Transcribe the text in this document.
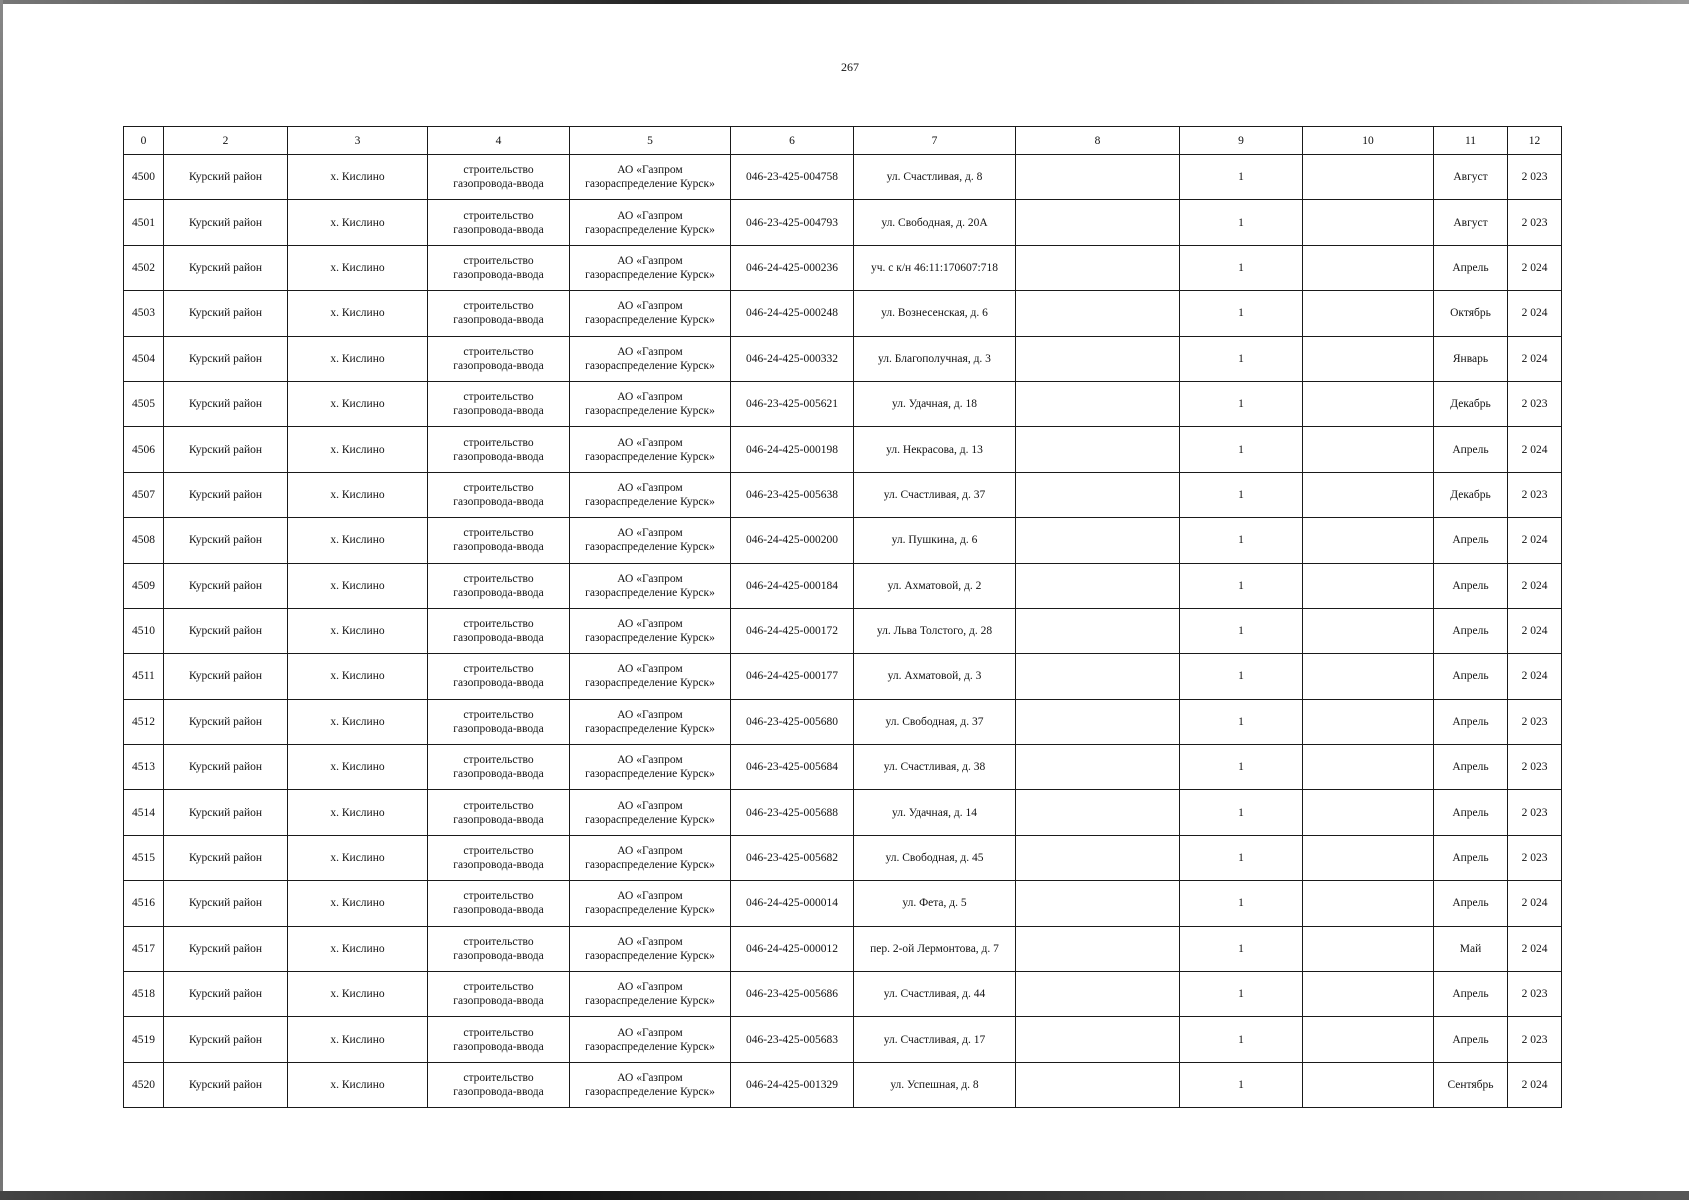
267
0	2	3	4	5	6	7	8	9	10	11	12
4500	Курский район	х. Кислино	строительство
газопровода-ввода	АО «Газпром
газораспределение Курск»	046-23-425-004758	ул. Счастливая, д. 8		1		Август	2 023
4501	Курский район	х. Кислино	строительство
газопровода-ввода	АО «Газпром
газораспределение Курск»	046-23-425-004793	ул. Свободная, д. 20А		1		Август	2 023
4502	Курский район	х. Кислино	строительство
газопровода-ввода	АО «Газпром
газораспределение Курск»	046-24-425-000236	уч. с к/н 46:11:170607:718		1		Апрель	2 024
4503	Курский район	х. Кислино	строительство
газопровода-ввода	АО «Газпром
газораспределение Курск»	046-24-425-000248	ул. Вознесенская, д. 6		1		Октябрь	2 024
4504	Курский район	х. Кислино	строительство
газопровода-ввода	АО «Газпром
газораспределение Курск»	046-24-425-000332	ул. Благополучная, д. 3		1		Январь	2 024
4505	Курский район	х. Кислино	строительство
газопровода-ввода	АО «Газпром
газораспределение Курск»	046-23-425-005621	ул. Удачная, д. 18		1		Декабрь	2 023
4506	Курский район	х. Кислино	строительство
газопровода-ввода	АО «Газпром
газораспределение Курск»	046-24-425-000198	ул. Некрасова, д. 13		1		Апрель	2 024
4507	Курский район	х. Кислино	строительство
газопровода-ввода	АО «Газпром
газораспределение Курск»	046-23-425-005638	ул. Счастливая, д. 37		1		Декабрь	2 023
4508	Курский район	х. Кислино	строительство
газопровода-ввода	АО «Газпром
газораспределение Курск»	046-24-425-000200	ул. Пушкина, д. 6		1		Апрель	2 024
4509	Курский район	х. Кислино	строительство
газопровода-ввода	АО «Газпром
газораспределение Курск»	046-24-425-000184	ул. Ахматовой, д. 2		1		Апрель	2 024
4510	Курский район	х. Кислино	строительство
газопровода-ввода	АО «Газпром
газораспределение Курск»	046-24-425-000172	ул. Льва Толстого, д. 28		1		Апрель	2 024
4511	Курский район	х. Кислино	строительство
газопровода-ввода	АО «Газпром
газораспределение Курск»	046-24-425-000177	ул. Ахматовой, д. 3		1		Апрель	2 024
4512	Курский район	х. Кислино	строительство
газопровода-ввода	АО «Газпром
газораспределение Курск»	046-23-425-005680	ул. Свободная, д. 37		1		Апрель	2 023
4513	Курский район	х. Кислино	строительство
газопровода-ввода	АО «Газпром
газораспределение Курск»	046-23-425-005684	ул. Счастливая, д. 38		1		Апрель	2 023
4514	Курский район	х. Кислино	строительство
газопровода-ввода	АО «Газпром
газораспределение Курск»	046-23-425-005688	ул. Удачная, д. 14		1		Апрель	2 023
4515	Курский район	х. Кислино	строительство
газопровода-ввода	АО «Газпром
газораспределение Курск»	046-23-425-005682	ул. Свободная, д. 45		1		Апрель	2 023
4516	Курский район	х. Кислино	строительство
газопровода-ввода	АО «Газпром
газораспределение Курск»	046-24-425-000014	ул. Фета, д. 5		1		Апрель	2 024
4517	Курский район	х. Кислино	строительство
газопровода-ввода	АО «Газпром
газораспределение Курск»	046-24-425-000012	пер. 2-ой Лермонтова, д. 7		1		Май	2 024
4518	Курский район	х. Кислино	строительство
газопровода-ввода	АО «Газпром
газораспределение Курск»	046-23-425-005686	ул. Счастливая, д. 44		1		Апрель	2 023
4519	Курский район	х. Кислино	строительство
газопровода-ввода	АО «Газпром
газораспределение Курск»	046-23-425-005683	ул. Счастливая, д. 17		1		Апрель	2 023
4520	Курский район	х. Кислино	строительство
газопровода-ввода	АО «Газпром
газораспределение Курск»	046-24-425-001329	ул. Успешная, д. 8		1		Сентябрь	2 024
